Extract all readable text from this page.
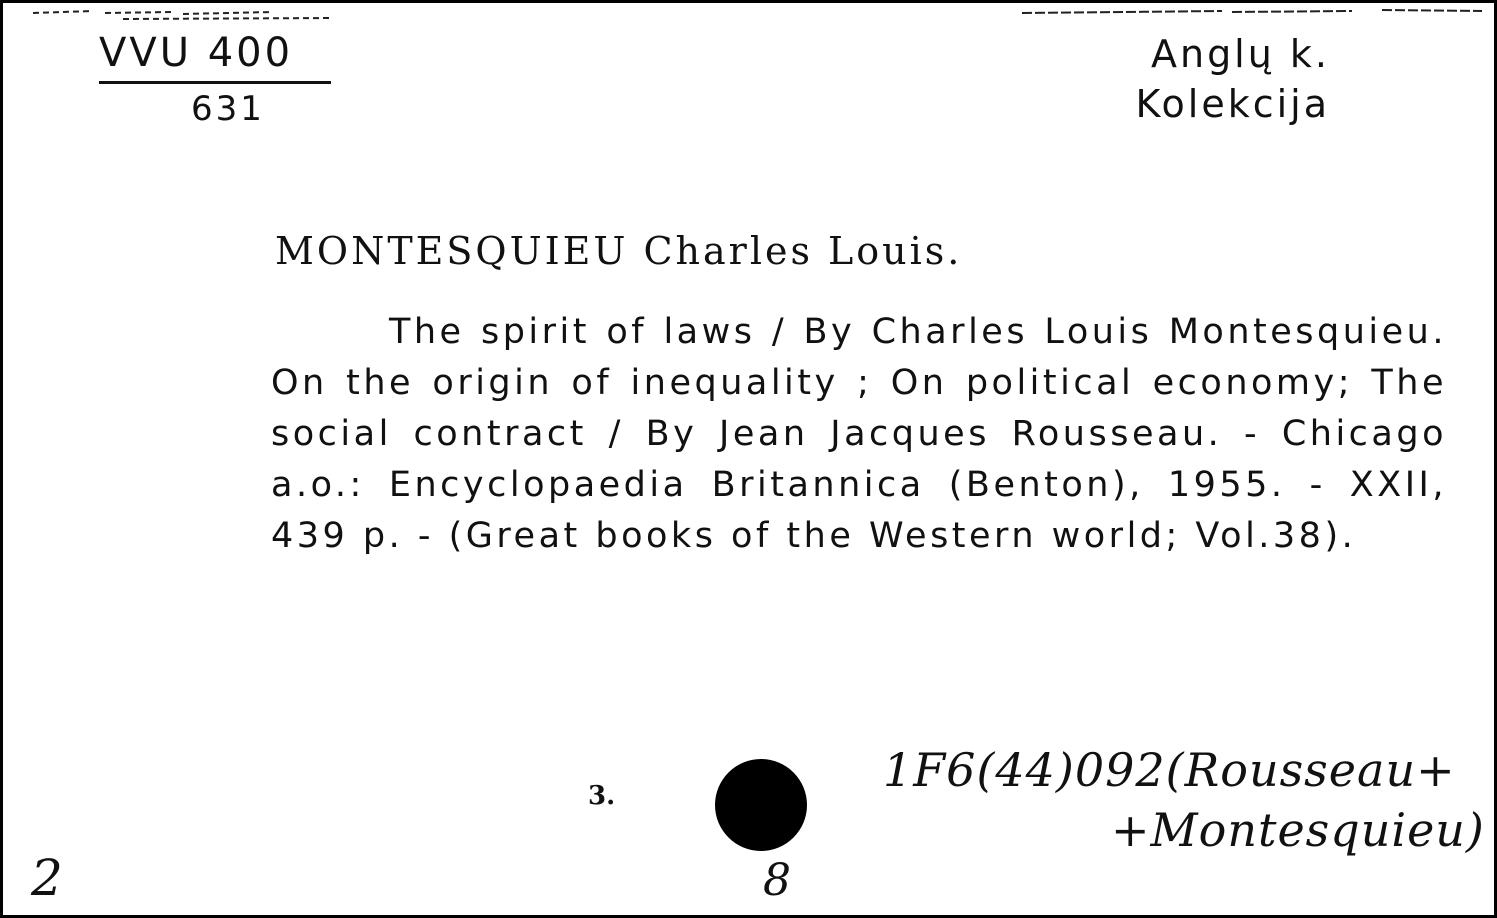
VVU 400
631
Anglų k.
Kolekcija
MONTESQUIEU Charles Louis.
The spirit of laws / By Charles Louis Montesquieu. On the origin of inequality ; On political economy; The social contract / By Jean Jacques Rousseau. - Chicago a.o.: Encyclopaedia Britannica (Benton), 1955. - XXII, 439 p. - (Great books of the Western world; Vol.38).
3.	1F6(44)092(Rousseau+
+Montesquieu)
8
2
